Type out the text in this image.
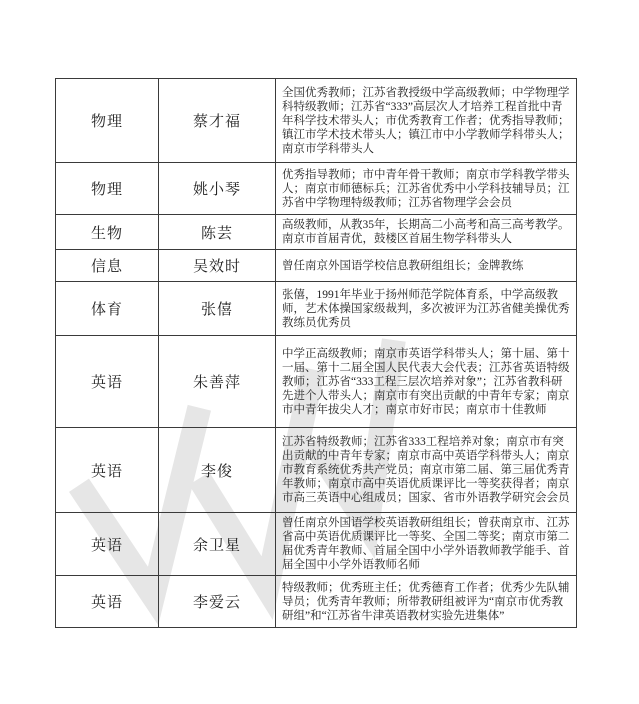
物理	蔡才福	全国优秀教师；江苏省教授级中学高级教师；中学物理学科特级教师；江苏省“333”高层次人才培养工程首批中青年科学技术带头人；市优秀教育工作者；优秀指导教师；镇江市学术技术带头人；镇江市中小学教师学科带头人；南京市学科带头人
物理	姚小琴	优秀指导教师；市中青年骨干教师；南京市学科教学带头人；南京市师德标兵；江苏省优秀中小学科技辅导员；江苏省中学物理特级教师；江苏省物理学会会员
生物	陈芸	高级教师，从教35年，长期高二小高考和高三高考教学。南京市首届青优，鼓楼区首届生物学科带头人
信息	吴效时	曾任南京外国语学校信息教研组组长；金牌教练
体育	张僖	张僖，1991年毕业于扬州师范学院体育系，中学高级教师，艺术体操国家级裁判，多次被评为江苏省健美操优秀教练员优秀员
英语	朱善萍	中学正高级教师；南京市英语学科带头人；第十届、第十一届、第十二届全国人民代表大会代表；江苏省英语特级教师；江苏省“333工程三层次培养对象”；江苏省教科研先进个人带头人；南京市有突出贡献的中青年专家；南京市中青年拔尖人才；南京市好市民；南京市十佳教师
英语	李俊	江苏省特级教师；江苏省333工程培养对象；南京市有突出贡献的中青年专家；南京市高中英语学科带头人；南京市教育系统优秀共产党员；南京市第二届、第三届优秀青年教师；南京市高中英语优质课评比一等奖获得者；南京市高三英语中心组成员；国家、省市外语教学研究会会员
英语	余卫星	曾任南京外国语学校英语教研组组长；曾获南京市、江苏省高中英语优质课评比一等奖、全国二等奖；南京市第二届优秀青年教师、首届全国中小学外语教师教学能手、首届全国中小学外语教师名师
英语	李爱云	特级教师；优秀班主任；优秀德育工作者；优秀少先队辅导员；优秀青年教师；所带教研组被评为“南京市优秀教研组”和“江苏省牛津英语教材实验先进集体”
